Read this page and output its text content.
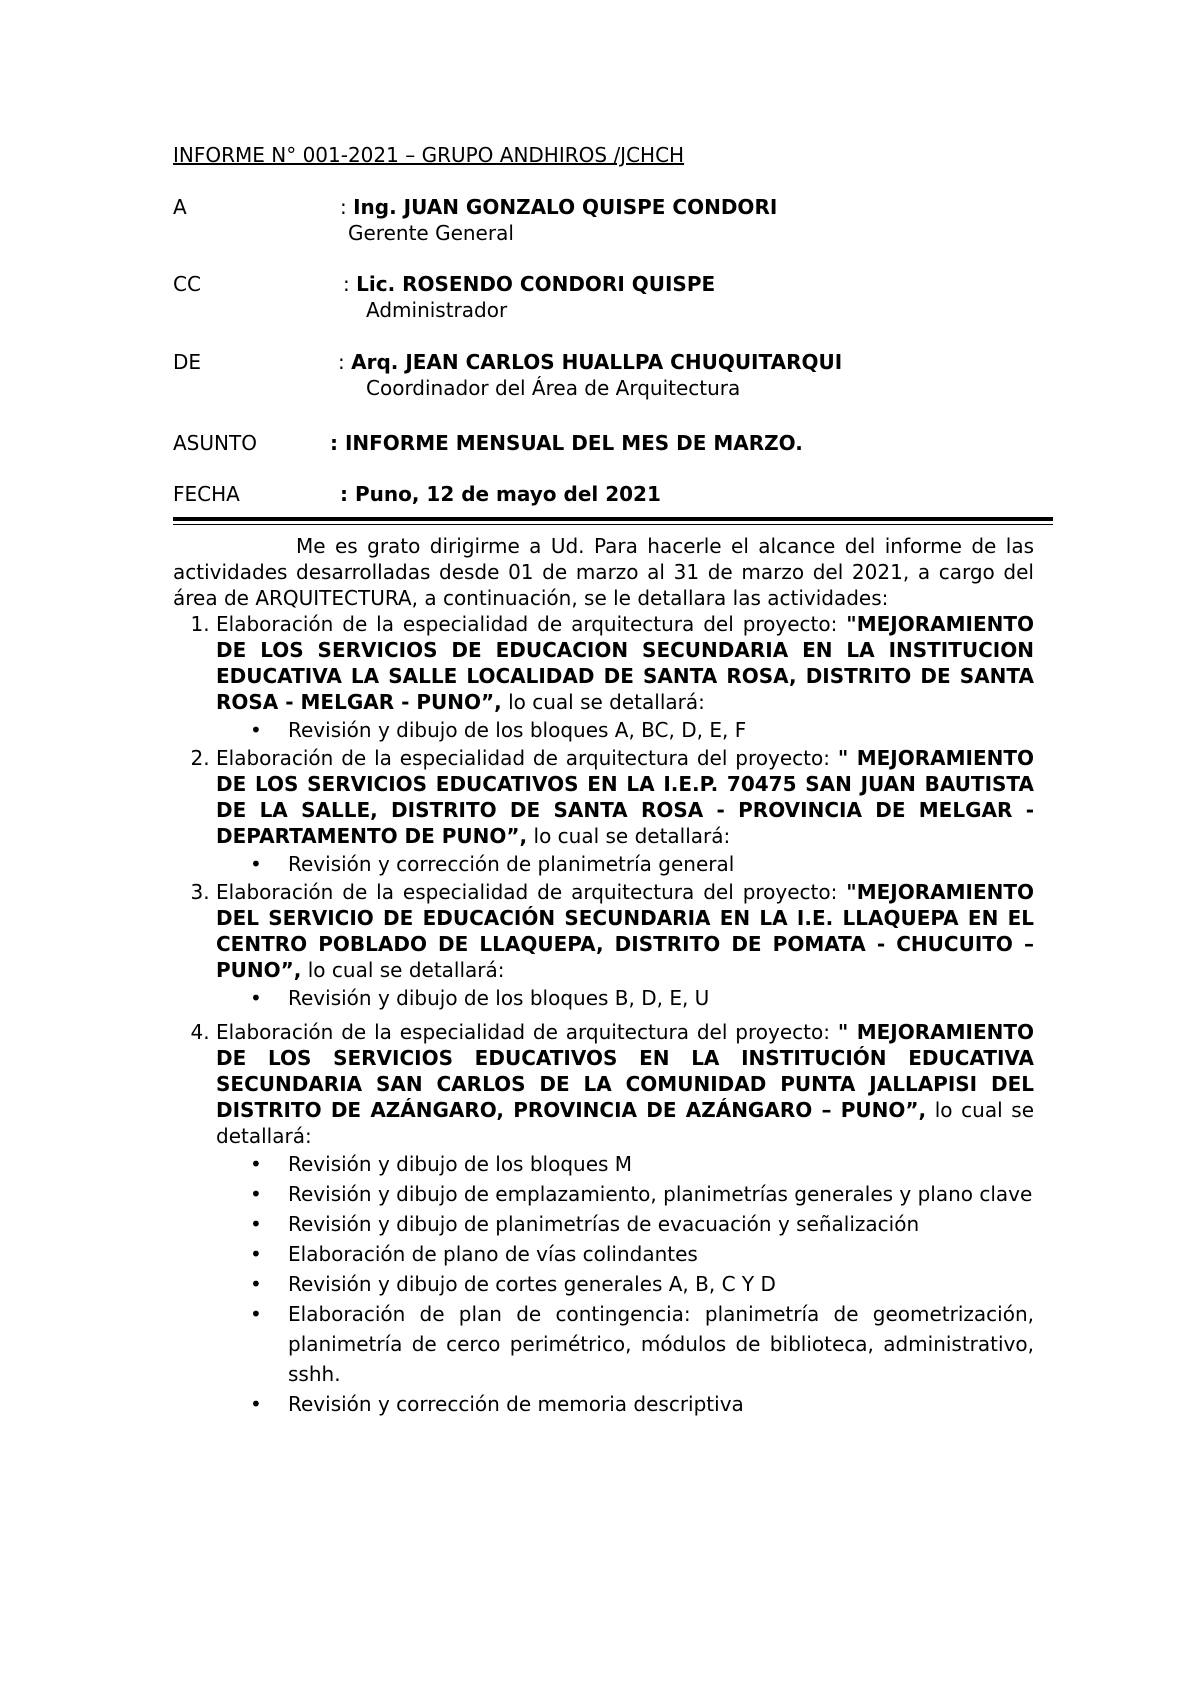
INFORME N° 001-2021 – GRUPO ANDHIROS /JCHCH
A	: Ing. JUAN GONZALO QUISPE CONDORI
Gerente General
CC	: Lic. ROSENDO CONDORI QUISPE
Administrador
DE	: Arq. JEAN CARLOS HUALLPA CHUQUITARQUI
Coordinador del Área de Arquitectura
ASUNTO	: INFORME MENSUAL DEL MES DE MARZO.
FECHA	: Puno, 12 de mayo del 2021

Me es grato dirigirme a Ud. Para hacerle el alcance del informe de las actividades desarrolladas desde 01 de marzo al 31 de marzo del 2021, a cargo del área de ARQUITECTURA, a continuación, se le detallara las actividades:

1. Elaboración de la especialidad de arquitectura del proyecto: "MEJORAMIENTO DE LOS SERVICIOS DE EDUCACION SECUNDARIA EN LA INSTITUCION EDUCATIVA LA SALLE LOCALIDAD DE SANTA ROSA, DISTRITO DE SANTA ROSA - MELGAR - PUNO”, lo cual se detallará:
• Revisión y dibujo de los bloques A, BC, D, E, F
2. Elaboración de la especialidad de arquitectura del proyecto: " MEJORAMIENTO DE LOS SERVICIOS EDUCATIVOS EN LA I.E.P. 70475 SAN JUAN BAUTISTA DE LA SALLE, DISTRITO DE SANTA ROSA - PROVINCIA DE MELGAR - DEPARTAMENTO DE PUNO”, lo cual se detallará:
• Revisión y corrección de planimetría general
3. Elaboración de la especialidad de arquitectura del proyecto: "MEJORAMIENTO DEL SERVICIO DE EDUCACIÓN SECUNDARIA EN LA I.E. LLAQUEPA EN EL CENTRO POBLADO DE LLAQUEPA, DISTRITO DE POMATA - CHUCUITO – PUNO”, lo cual se detallará:
• Revisión y dibujo de los bloques B, D, E, U
4. Elaboración de la especialidad de arquitectura del proyecto: " MEJORAMIENTO DE LOS SERVICIOS EDUCATIVOS EN LA INSTITUCIÓN EDUCATIVA SECUNDARIA SAN CARLOS DE LA COMUNIDAD PUNTA JALLAPISI DEL DISTRITO DE AZÁNGARO, PROVINCIA DE AZÁNGARO – PUNO”, lo cual se detallará:
• Revisión y dibujo de los bloques M
• Revisión y dibujo de emplazamiento, planimetrías generales y plano clave
• Revisión y dibujo de planimetrías de evacuación y señalización
• Elaboración de plano de vías colindantes
• Revisión y dibujo de cortes generales A, B, C Y D
• Elaboración de plan de contingencia: planimetría de geometrización, planimetría de cerco perimétrico, módulos de biblioteca, administrativo, sshh.
• Revisión y corrección de memoria descriptiva
